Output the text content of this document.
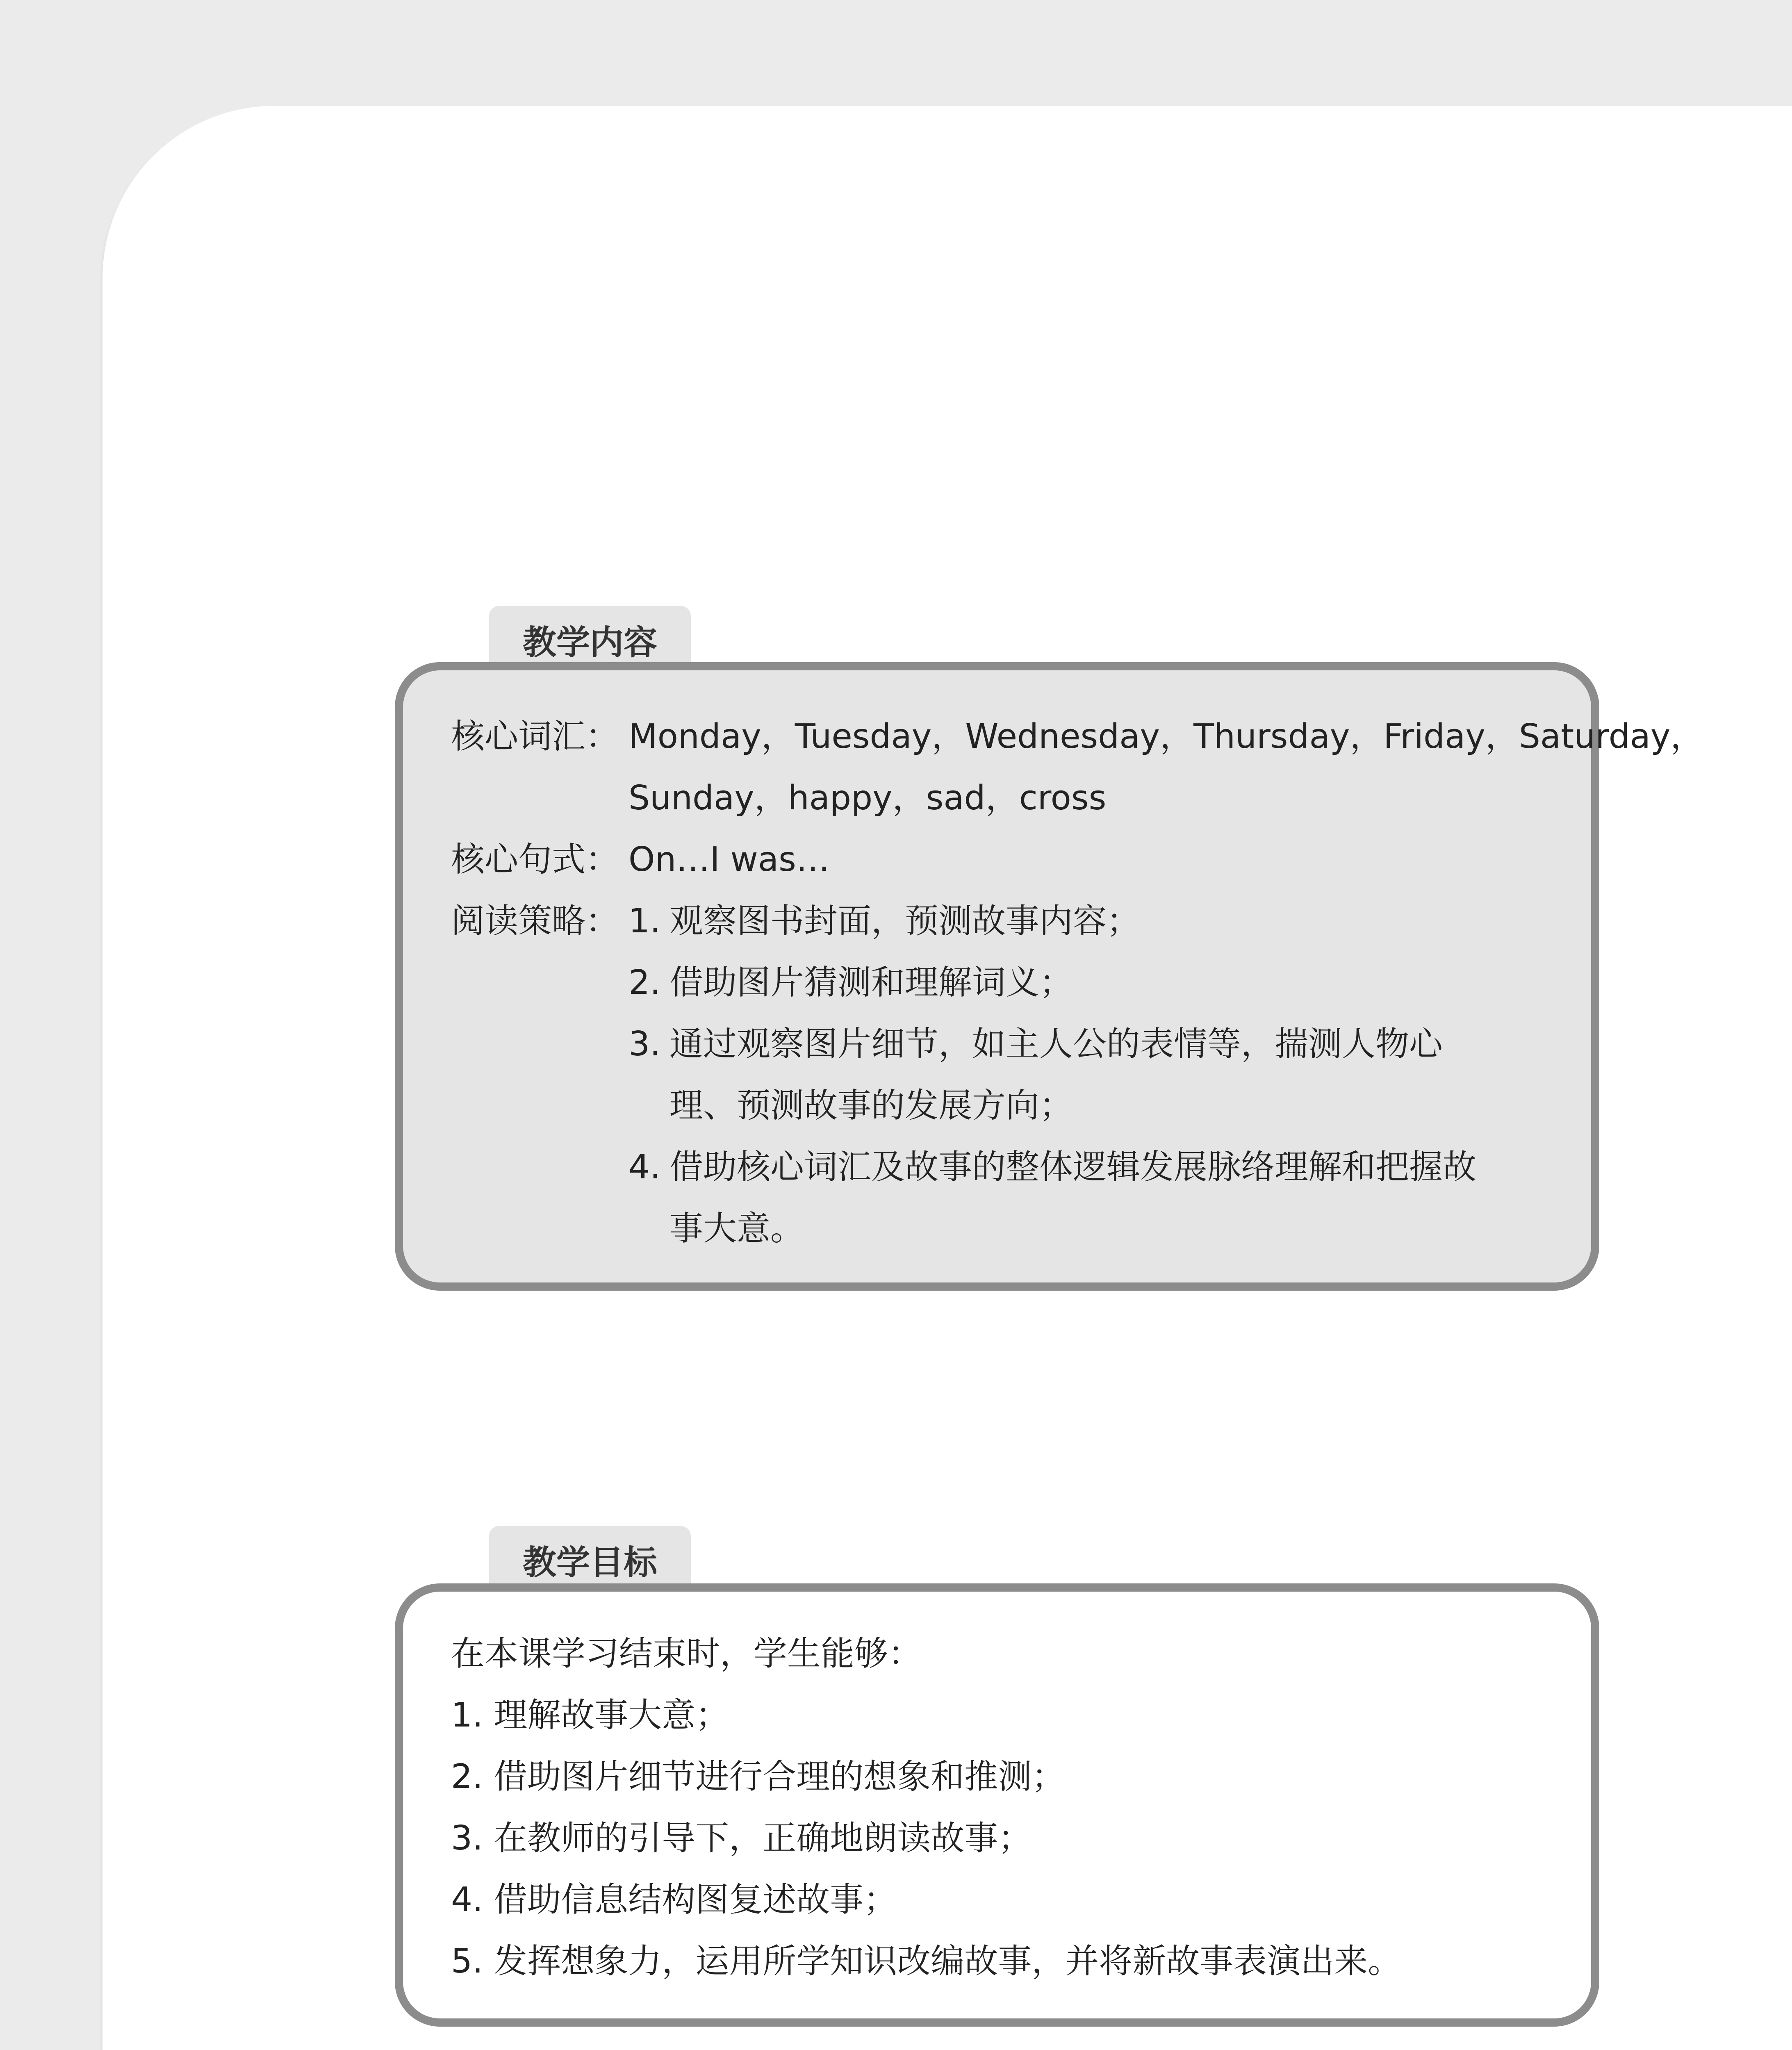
教学内容
核心词汇： Monday，Tuesday，Wednesday，Thursday，Friday，Saturday，
Sunday，happy，sad，cross
核心句式： On…I was…
阅读策略： 1. 观察图书封面，预测故事内容；
2. 借助图片猜测和理解词义；
3. 通过观察图片细节，如主人公的表情等，揣测人物心
理、预测故事的发展方向；
4. 借助核心词汇及故事的整体逻辑发展脉络理解和把握故
事大意。
教学目标
在本课学习结束时，学生能够：
1. 理解故事大意；
2. 借助图片细节进行合理的想象和推测；
3. 在教师的引导下，正确地朗读故事；
4. 借助信息结构图复述故事；
5. 发挥想象力，运用所学知识改编故事，并将新故事表演出来。
